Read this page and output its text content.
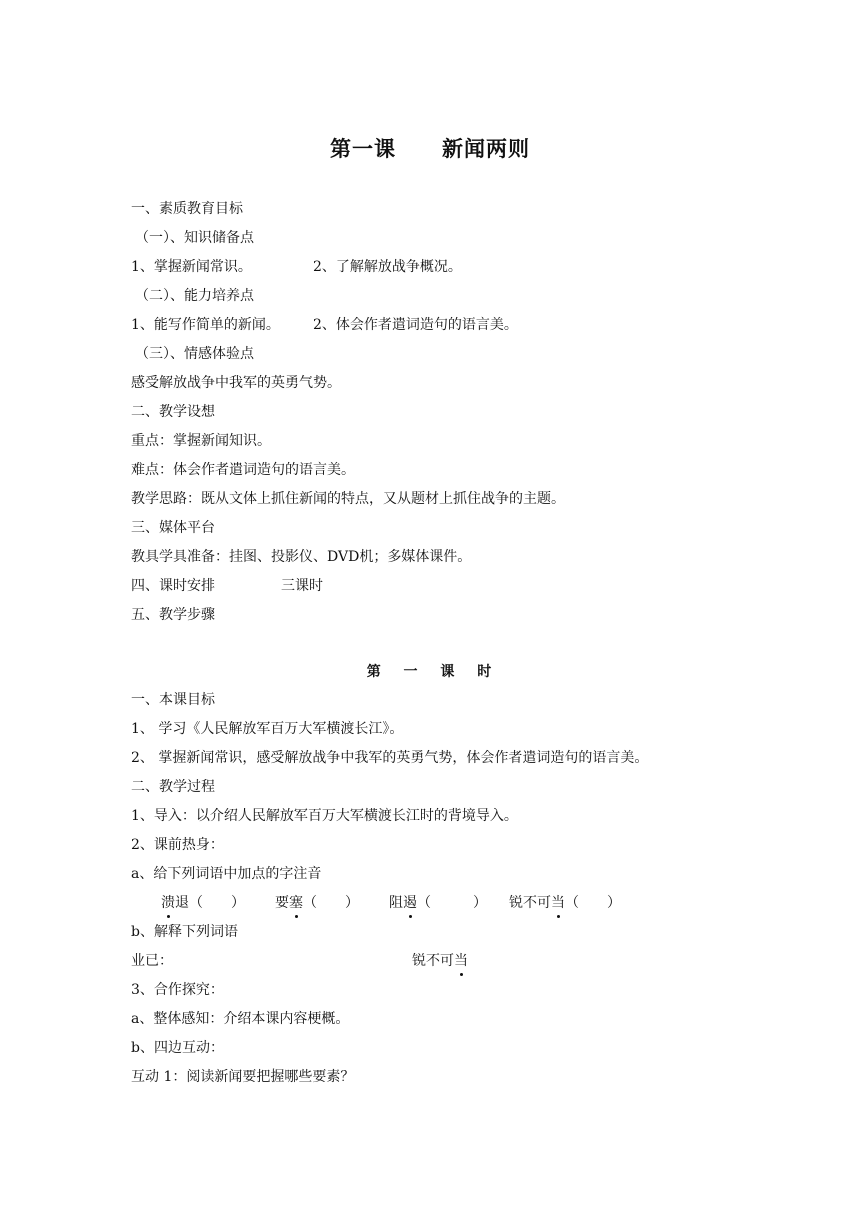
第一课 新闻两则
一、素质教育目标
（一）、知识储备点
1、掌握新闻常识。	2、了解解放战争概况。
（二）、能力培养点
1、能写作简单的新闻。 2、体会作者遣词造句的语言美。
（三）、情感体验点
感受解放战争中我军的英勇气势。
二、教学设想
重点：掌握新闻知识。
难点：体会作者遣词造句的语言美。
教学思路：既从文体上抓住新闻的特点，又从题材上抓住战争的主题。
三、媒体平台
教具学具准备：挂图、投影仪、DVD机；多媒体课件。
四、课时安排	三课时
五、教学步骤
第 一 课 时
一、本课目标
1、 学习《人民解放军百万大军横渡长江》。
2、 掌握新闻常识，感受解放战争中我军的英勇气势，体会作者遣词造句的语言美。
二、教学过程
1、导入：以介绍人民解放军百万大军横渡长江时的背境导入。
2、课前热身：
a、给下列词语中加点的字注音
溃退（ ） 要塞（ ） 阻遏（	） 锐不可当（ ）
b、解释下列词语
业已：	锐不可当
3、合作探究：
a、整体感知：介绍本课内容梗概。
b、四边互动：
互动 1：阅读新闻要把握哪些要素？
